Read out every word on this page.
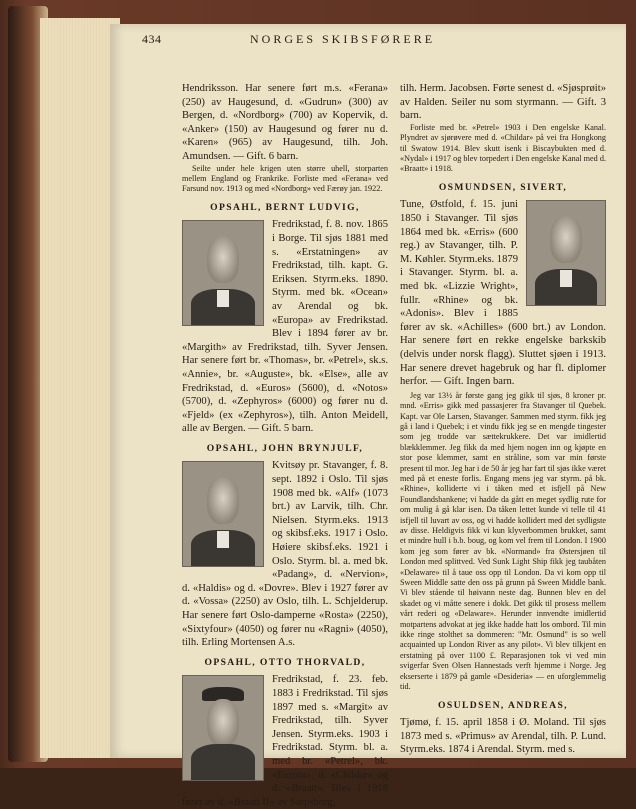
434	NORGES SKIBSFØRERE

Hendriksson. Har senere ført m.s. «Ferana» (250) av Haugesund, d. «Gudrun» (300) av Bergen, d. «Nordborg» (700) av Kopervik, d. «Anker» (150) av Haugesund og fører nu d. «Karen» (965) av Haugesund, tilh. Joh. Amundsen. — Gift. 6 barn.

Seilte under hele krigen uten større uhell, storparten mellem England og Frankrike. Forliste med «Ferana» ved Farsund nov. 1913 og med «Nordborg» ved Færøy jan. 1922.

OPSAHL, BERNT LUDVIG,

Fredrikstad, f. 8. nov. 1865 i Borge. Til sjøs 1881 med s. «Erstatningen» av Fredrikstad, tilh. kapt. G. Eriksen. Styrm.eks. 1890. Styrm. med bk. «Ocean» av Arendal og bk. «Europa» av Fredrikstad. Blev i 1894 fører av br. «Margith» av Fredrikstad, tilh. Syver Jensen. Har senere ført br. «Thomas», br. «Petrel», sk.s. «Annie», br. «Auguste», bk. «Else», alle av Fredrikstad, d. «Euros» (5600), d. «Notos» (5700), d. «Zephyros» (6000) og fører nu d. «Fjeld» (ex «Zephyros»), tilh. Anton Meidell, alle av Bergen. — Gift. 5 barn.

OPSAHL, JOHN BRYNJULF,

Kvitsøy pr. Stavanger, f. 8. sept. 1892 i Oslo. Til sjøs 1908 med bk. «Alf» (1073 brt.) av Larvik, tilh. Chr. Nielsen. Styrm.eks. 1913 og skibsf.eks. 1917 i Oslo. Høiere skibsf.eks. 1921 i Oslo. Styrm. bl. a. med bk. «Padang», d. «Nervion», d. «Haldis» og d. «Dovre». Blev i 1927 fører av d. «Vossa» (2250) av Oslo, tilh. L. Schjelderup. Har senere ført Oslo-damperne «Rosta» (2250), «Sixtyfour» (4050) og fører nu «Ragni» (4050), tilh. Erling Mortensen A.s.

OPSAHL, OTTO THORVALD,

Fredrikstad, f. 23. feb. 1883 i Fredrikstad. Til sjøs 1897 med s. «Margit» av Fredrikstad, tilh. Syver Jensen. Styrm.eks. 1903 i Fredrikstad. Styrm. bl. a. med br. «Petrel», bk. «Eurora», d. «Childar» og d. «Braatt». Blev i 1918 fører av d. «Braatt II» av Sarpsborg,

tilh. Herm. Jacobsen. Førte senest d. «Sjøsprøit» av Halden. Seiler nu som styrmann. — Gift. 3 barn.

Forliste med br. «Petrel» 1903 i Den engelske Kanal. Plyndret av sjørøvere med d. «Childar» på vei fra Hongkong til Swatow 1914. Blev skutt isenk i Biscaybukten med d. «Nydal» i 1917 og blev torpedert i Den engelske Kanal med d. «Braatt» i 1918.

OSMUNDSEN, SIVERT,

Tune, Østfold, f. 15. juni 1850 i Stavanger. Til sjøs 1864 med bk. «Erris» (600 reg.) av Stavanger, tilh. P. M. Køhler. Styrm.eks. 1879 i Stavanger. Styrm. bl. a. med bk. «Lizzie Wright», fullr. «Rhine» og bk. «Adonis». Blev i 1885 fører av sk. «Achilles» (600 brt.) av London. Har senere ført en rekke engelske barkskib (delvis under norsk flagg). Sluttet sjøen i 1913. Har senere drevet hagebruk og har fl. diplomer herfor. — Gift. Ingen barn.

Jeg var 13½ år første gang jeg gikk til sjøs, 8 kroner pr. mnd. «Erris» gikk med passasjerer fra Stavanger til Quebek. Kapt. var Ole Larsen, Stavanger. Sammen med styrm. fikk jeg gå i land i Quebek; i et vindu fikk jeg se en mengde tingester som jeg trodde var sættekrukkere. Det var imidlertid blækklemmer. Jeg fikk da med hjem nogen inn og kjøpte en stor pose klemmer, samt en stråline, som var min første present til mor. Jeg har i de 50 år jeg har fart til sjøs ikke været med på et eneste forlis. Engang mens jeg var styrm. på bk. «Rhine», kolliderte vi i tåken med et isfjell på New Foundlandsbankene; vi hadde da gått en meget sydlig rute for om mulig å gå klar isen. Da tåken lettet kunde vi telle til 41 isfjell til luvart av oss, og vi hadde kollidert med det sydligste av disse. Heldigvis fikk vi kun klyverbommen brukket, samt et mindre hull i b.b. boug, og kom vel frem til London. I 1900 kom jeg som fører av bk. «Normand» fra Østersjøen til London med splittved. Ved Sunk Light Ship fikk jeg taubåten «Delaware» til å taue oss opp til London. Da vi kom opp til Sween Middle satte den oss på grunn på Sween Middle bank. Vi blev stående til høivann neste dag. Bunnen blev en del skadet og vi måtte senere i dokk. Det gikk til prosess mellem vårt rederi og «Delaware». Herunder innvendte imidlertid motpartens advokat at jeg ikke hadde hatt los ombord. Til min ikke ringe stolthet sa dommeren: "Mr. Osmund" is so well acquainted up London River as any pilot». Vi blev tilkjent en erstatning på over 1100 £. Reparasjonen tok vi ved min svigerfar Sven Olsen Hannestads verft hjemme i Norge. Jeg ekserserte i 1879 på gamle «Desideria» — en uforglemmelig tid.

OSULDSEN, ANDREAS,

Tjømø, f. 15. april 1858 i Ø. Moland. Til sjøs 1873 med s. «Primus» av Arendal, tilh. P. Lund. Styrm.eks. 1874 i Arendal. Styrm. med s.
